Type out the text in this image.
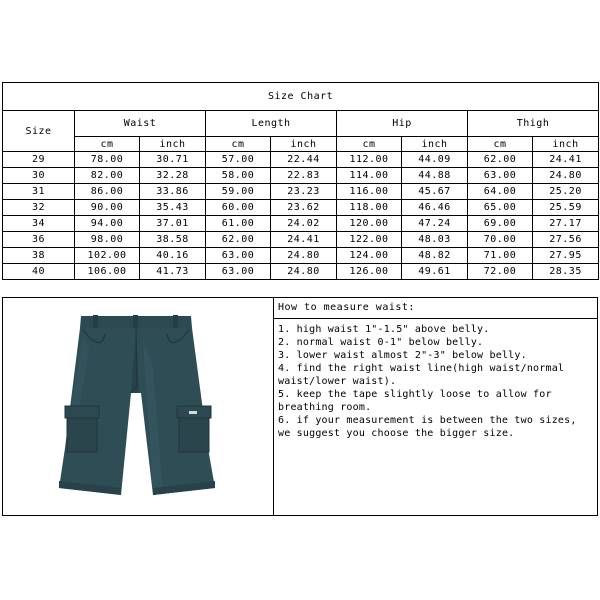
Size Chart								
Size	Waist		Length		Hip		Thigh	
	cm	inch	cm	inch	cm	inch	cm	inch
29	78.00	30.71	57.00	22.44	112.00	44.09	62.00	24.41
30	82.00	32.28	58.00	22.83	114.00	44.88	63.00	24.80
31	86.00	33.86	59.00	23.23	116.00	45.67	64.00	25.20
32	90.00	35.43	60.00	23.62	118.00	46.46	65.00	25.59
34	94.00	37.01	61.00	24.02	120.00	47.24	69.00	27.17
36	98.00	38.58	62.00	24.41	122.00	48.03	70.00	27.56
38	102.00	40.16	63.00	24.80	124.00	48.82	71.00	27.95
40	106.00	41.73	63.00	24.80	126.00	49.61	72.00	28.35
How to measure waist:
1. high waist 1"-1.5" above belly.
2. normal waist 0-1" below belly.
3. lower waist almost 2"-3" below belly.
4. find the right waist line(high waist/normal waist/lower waist).
5. keep the tape slightly loose to allow for breathing room.
6. if your measurement is between the two sizes, we suggest you choose the bigger size.
